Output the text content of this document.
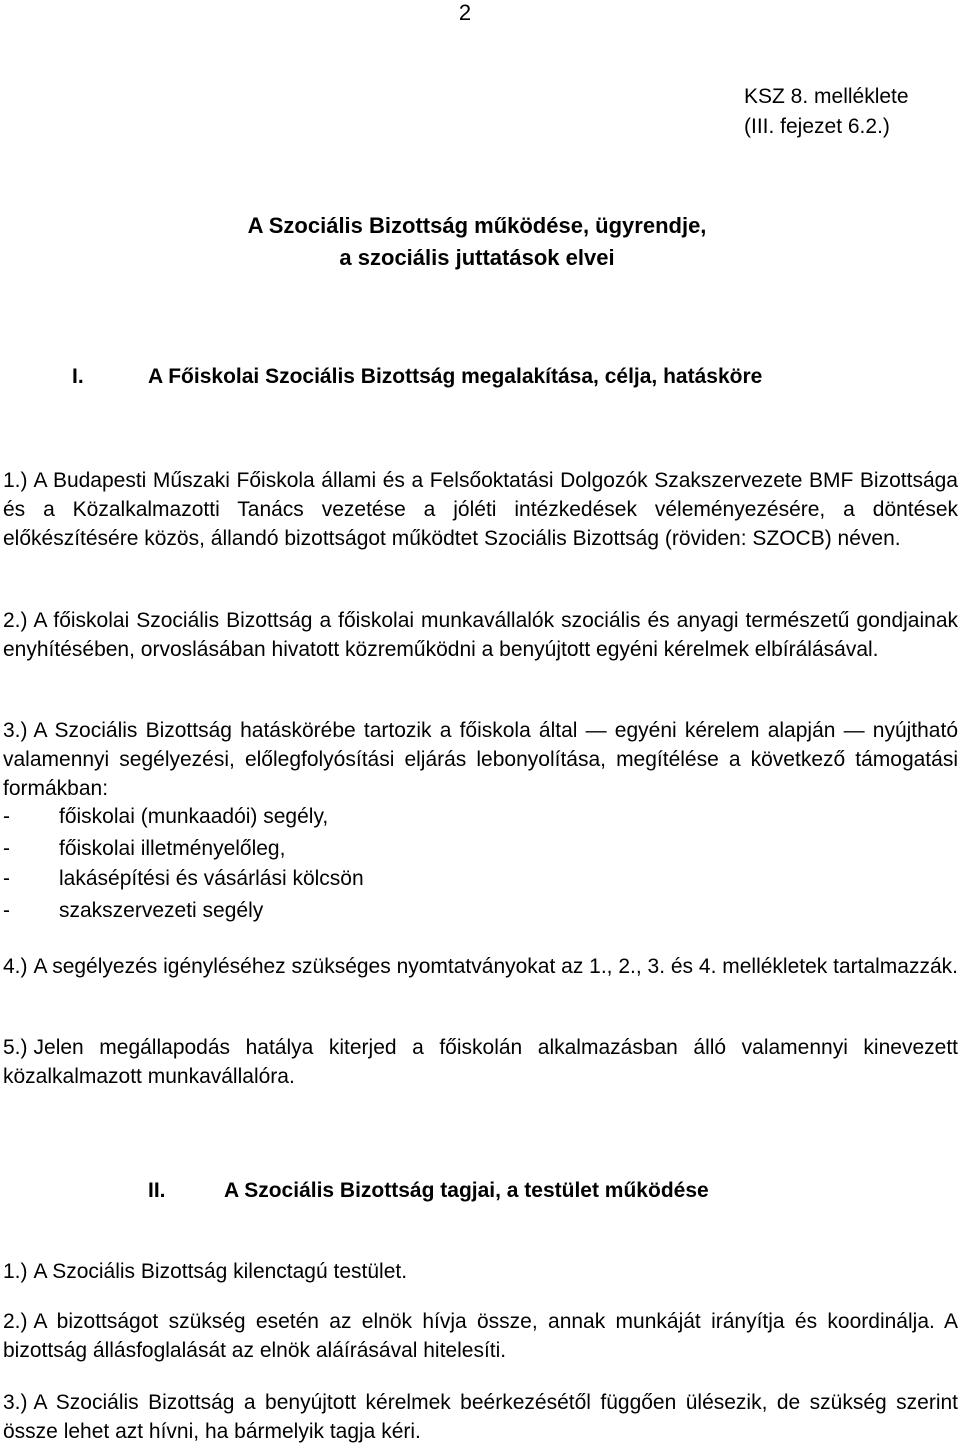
2
KSZ 8. melléklete
(III. fejezet 6.2.)
A Szociális Bizottság működése, ügyrendje,
a szociális juttatások elvei
I.	A Főiskolai Szociális Bizottság megalakítása, célja, hatásköre
1.) A Budapesti Műszaki Főiskola állami és a Felsőoktatási Dolgozók Szakszervezete BMF Bizottsága és a Közalkalmazotti Tanács vezetése a jóléti intézkedések véleményezésére, a döntések előkészítésére közös, állandó bizottságot működtet Szociális Bizottság (röviden: SZOCB) néven.
2.) A főiskolai Szociális Bizottság a főiskolai munkavállalók szociális és anyagi természetű gondjainak enyhítésében, orvoslásában hivatott közreműködni a benyújtott egyéni kérelmek elbírálásával.
3.) A Szociális Bizottság hatáskörébe tartozik a főiskola által — egyéni kérelem alapján — nyújtható valamennyi segélyezési, előlegfolyósítási eljárás lebonyolítása, megítélése a következő támogatási formákban:
- főiskolai (munkaadói) segély,
- főiskolai illetményelőleg,
- lakásépítési és vásárlási kölcsön
- szakszervezeti segély
4.) A segélyezés igényléséhez szükséges nyomtatványokat az 1., 2., 3. és 4. mellékletek tartalmazzák.
5.) Jelen megállapodás hatálya kiterjed a főiskolán alkalmazásban álló valamennyi kinevezett közalkalmazott munkavállalóra.
II.	A Szociális Bizottság tagjai, a testület működése
1.) A Szociális Bizottság kilenctagú testület.
2.) A bizottságot szükség esetén az elnök hívja össze, annak munkáját irányítja és koordinálja. A bizottság állásfoglalását az elnök aláírásával hitelesíti.
3.) A Szociális Bizottság a benyújtott kérelmek beérkezésétől függően ülésezik, de szükség szerint össze lehet azt hívni, ha bármelyik tagja kéri.
